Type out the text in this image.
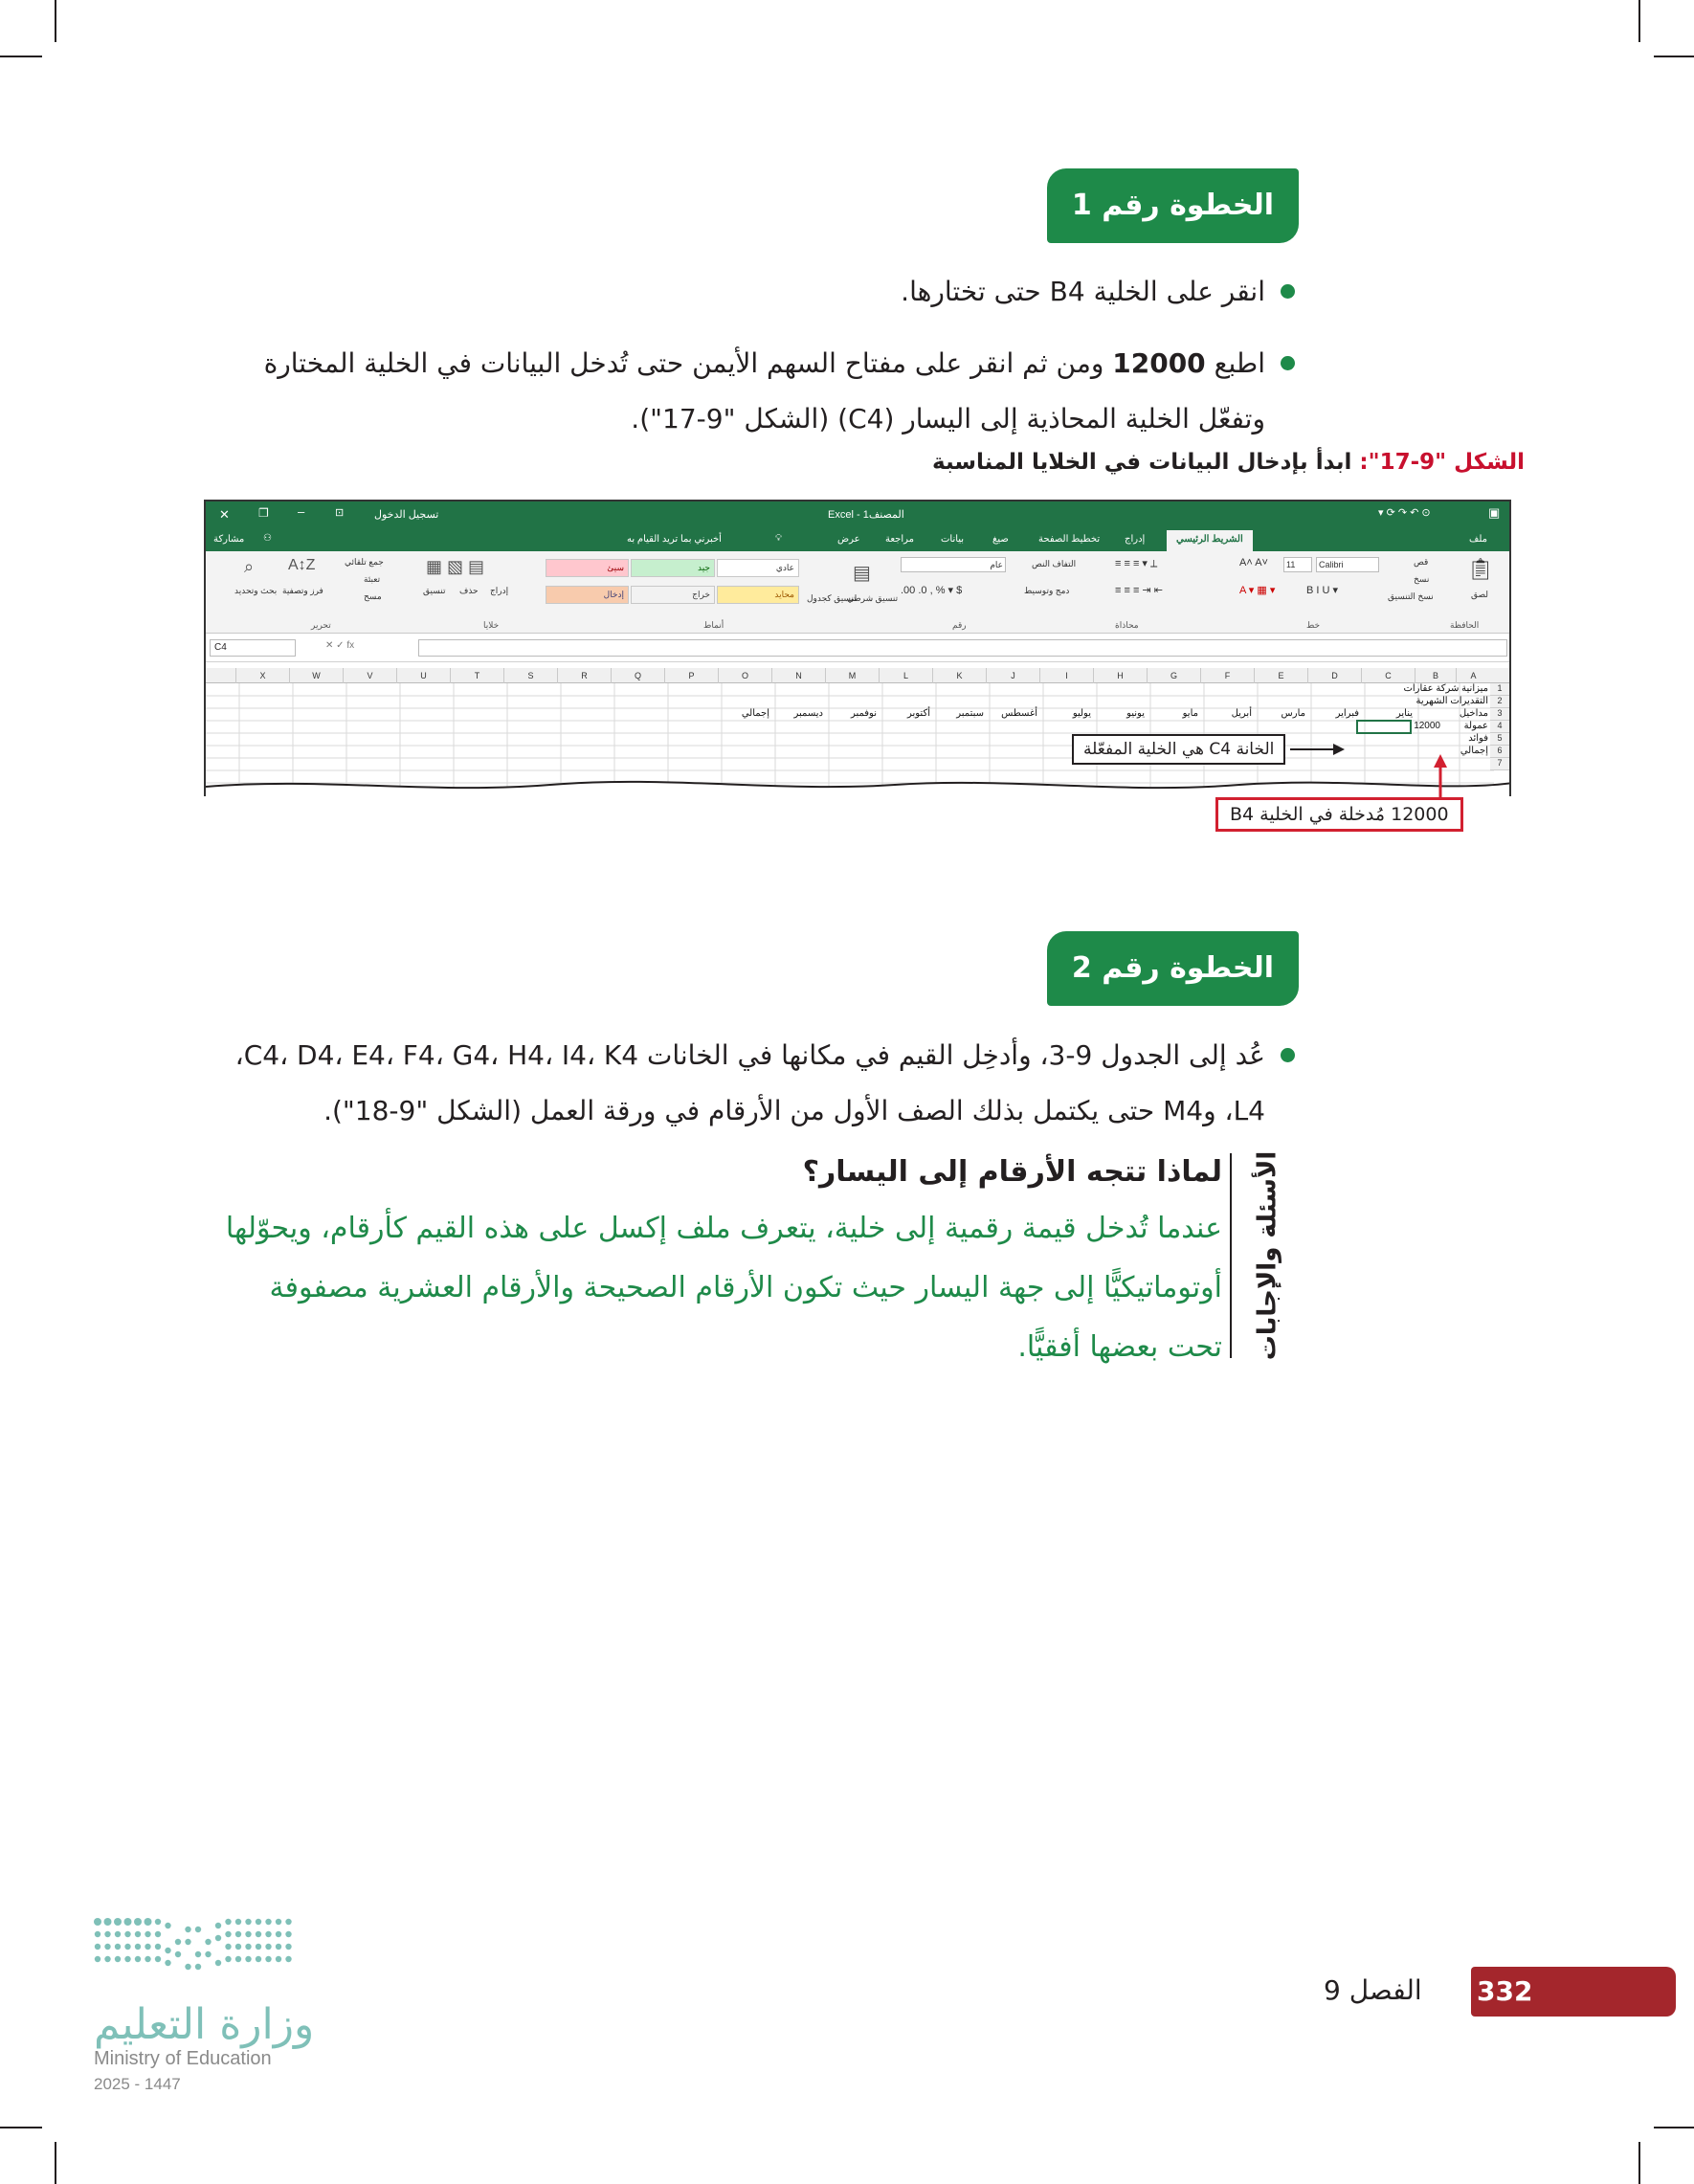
الخطوة رقم 1
انقر على الخلية B4 حتى تختارها.
اطبع 12000 ومن ثم انقر على مفتاح السهم الأيمن حتى تُدخل البيانات في الخلية المختارة
وتفعّل الخلية المحاذية إلى اليسار (C4) (الشكل "9-17").
الشكل "9-17": ابدأ بإدخال البيانات في الخلايا المناسبة
✕	❐ –	⊡	تسجيل الدخول	Excel - المصنف1	▾ ⟳ ↷ ↶ ⊙	▣
⚇
مشاركة	أخبرني بما تريد القيام به	💡︎	عرض	مراجعة	بيانات	صيغ	تخطيط الصفحة	إدراج	الشريط الرئيسي	ملف
📋︎
لصق
قص
نسخ
نسخ التنسيق
Calibri
11
A˄ A˅
B I U ▾
A ▾ ▦ ▾
≡ ≡ ≡ ▾ ⟂
≡ ≡ ≡ ⇥ ⇤
التفاف النص
دمج وتوسيط
عام
.00 .0 , % ▾ $
تنسيق شرطي
تنسيق كجدول
▤
عادي
جيد
سيئ
محايد
خراج
إدخال
إدراج
حذف
تنسيق
▦ ▧ ▤
جمع تلقائي
تعبئة
مسح
A↕Z
فرز وتصفية
⌕
بحث وتحديد
الحافظة
خط
محاذاة
رقم
أنماط
خلايا
تحرير
C4	✕ ✓ fx
A
B
C
D
E
F
G
H
I
J
K
L
M
N
O
P
Q
R
S
T
U
V
W
X
1
2
3
4
5
6
7
ميزانية شركة عقارات
التقديرات الشهرية
مداخيل
عمولة
فوائد
إجمالي
12000
يناير
فبراير
مارس
أبريل
مايو
يونيو
يوليو
أغسطس
سبتمبر
أكتوبر
نوفمبر
ديسمبر
إجمالي
الخانة C4 هي الخلية المفعّلة
12000 مُدخلة في الخلية B4
الخطوة رقم 2
عُد إلى الجدول 9-3، وأدخِل القيم في مكانها في الخانات C4، D4، E4، F4، G4، H4، I4، K4،
L4، وM4 حتى يكتمل بذلك الصف الأول من الأرقام في ورقة العمل (الشكل "9-18").
الأسئلة والإجابات
لماذا تتجه الأرقام إلى اليسار؟
عندما تُدخل قيمة رقمية إلى خلية، يتعرف ملف إكسل على هذه القيم كأرقام، ويحوّلها أوتوماتيكيًّا إلى جهة اليسار حيث تكون الأرقام الصحيحة والأرقام العشرية مصفوفة تحت بعضها أفقيًّا.
332
الفصل 9
وزارة التعليم
Ministry of Education
2025 - 1447
